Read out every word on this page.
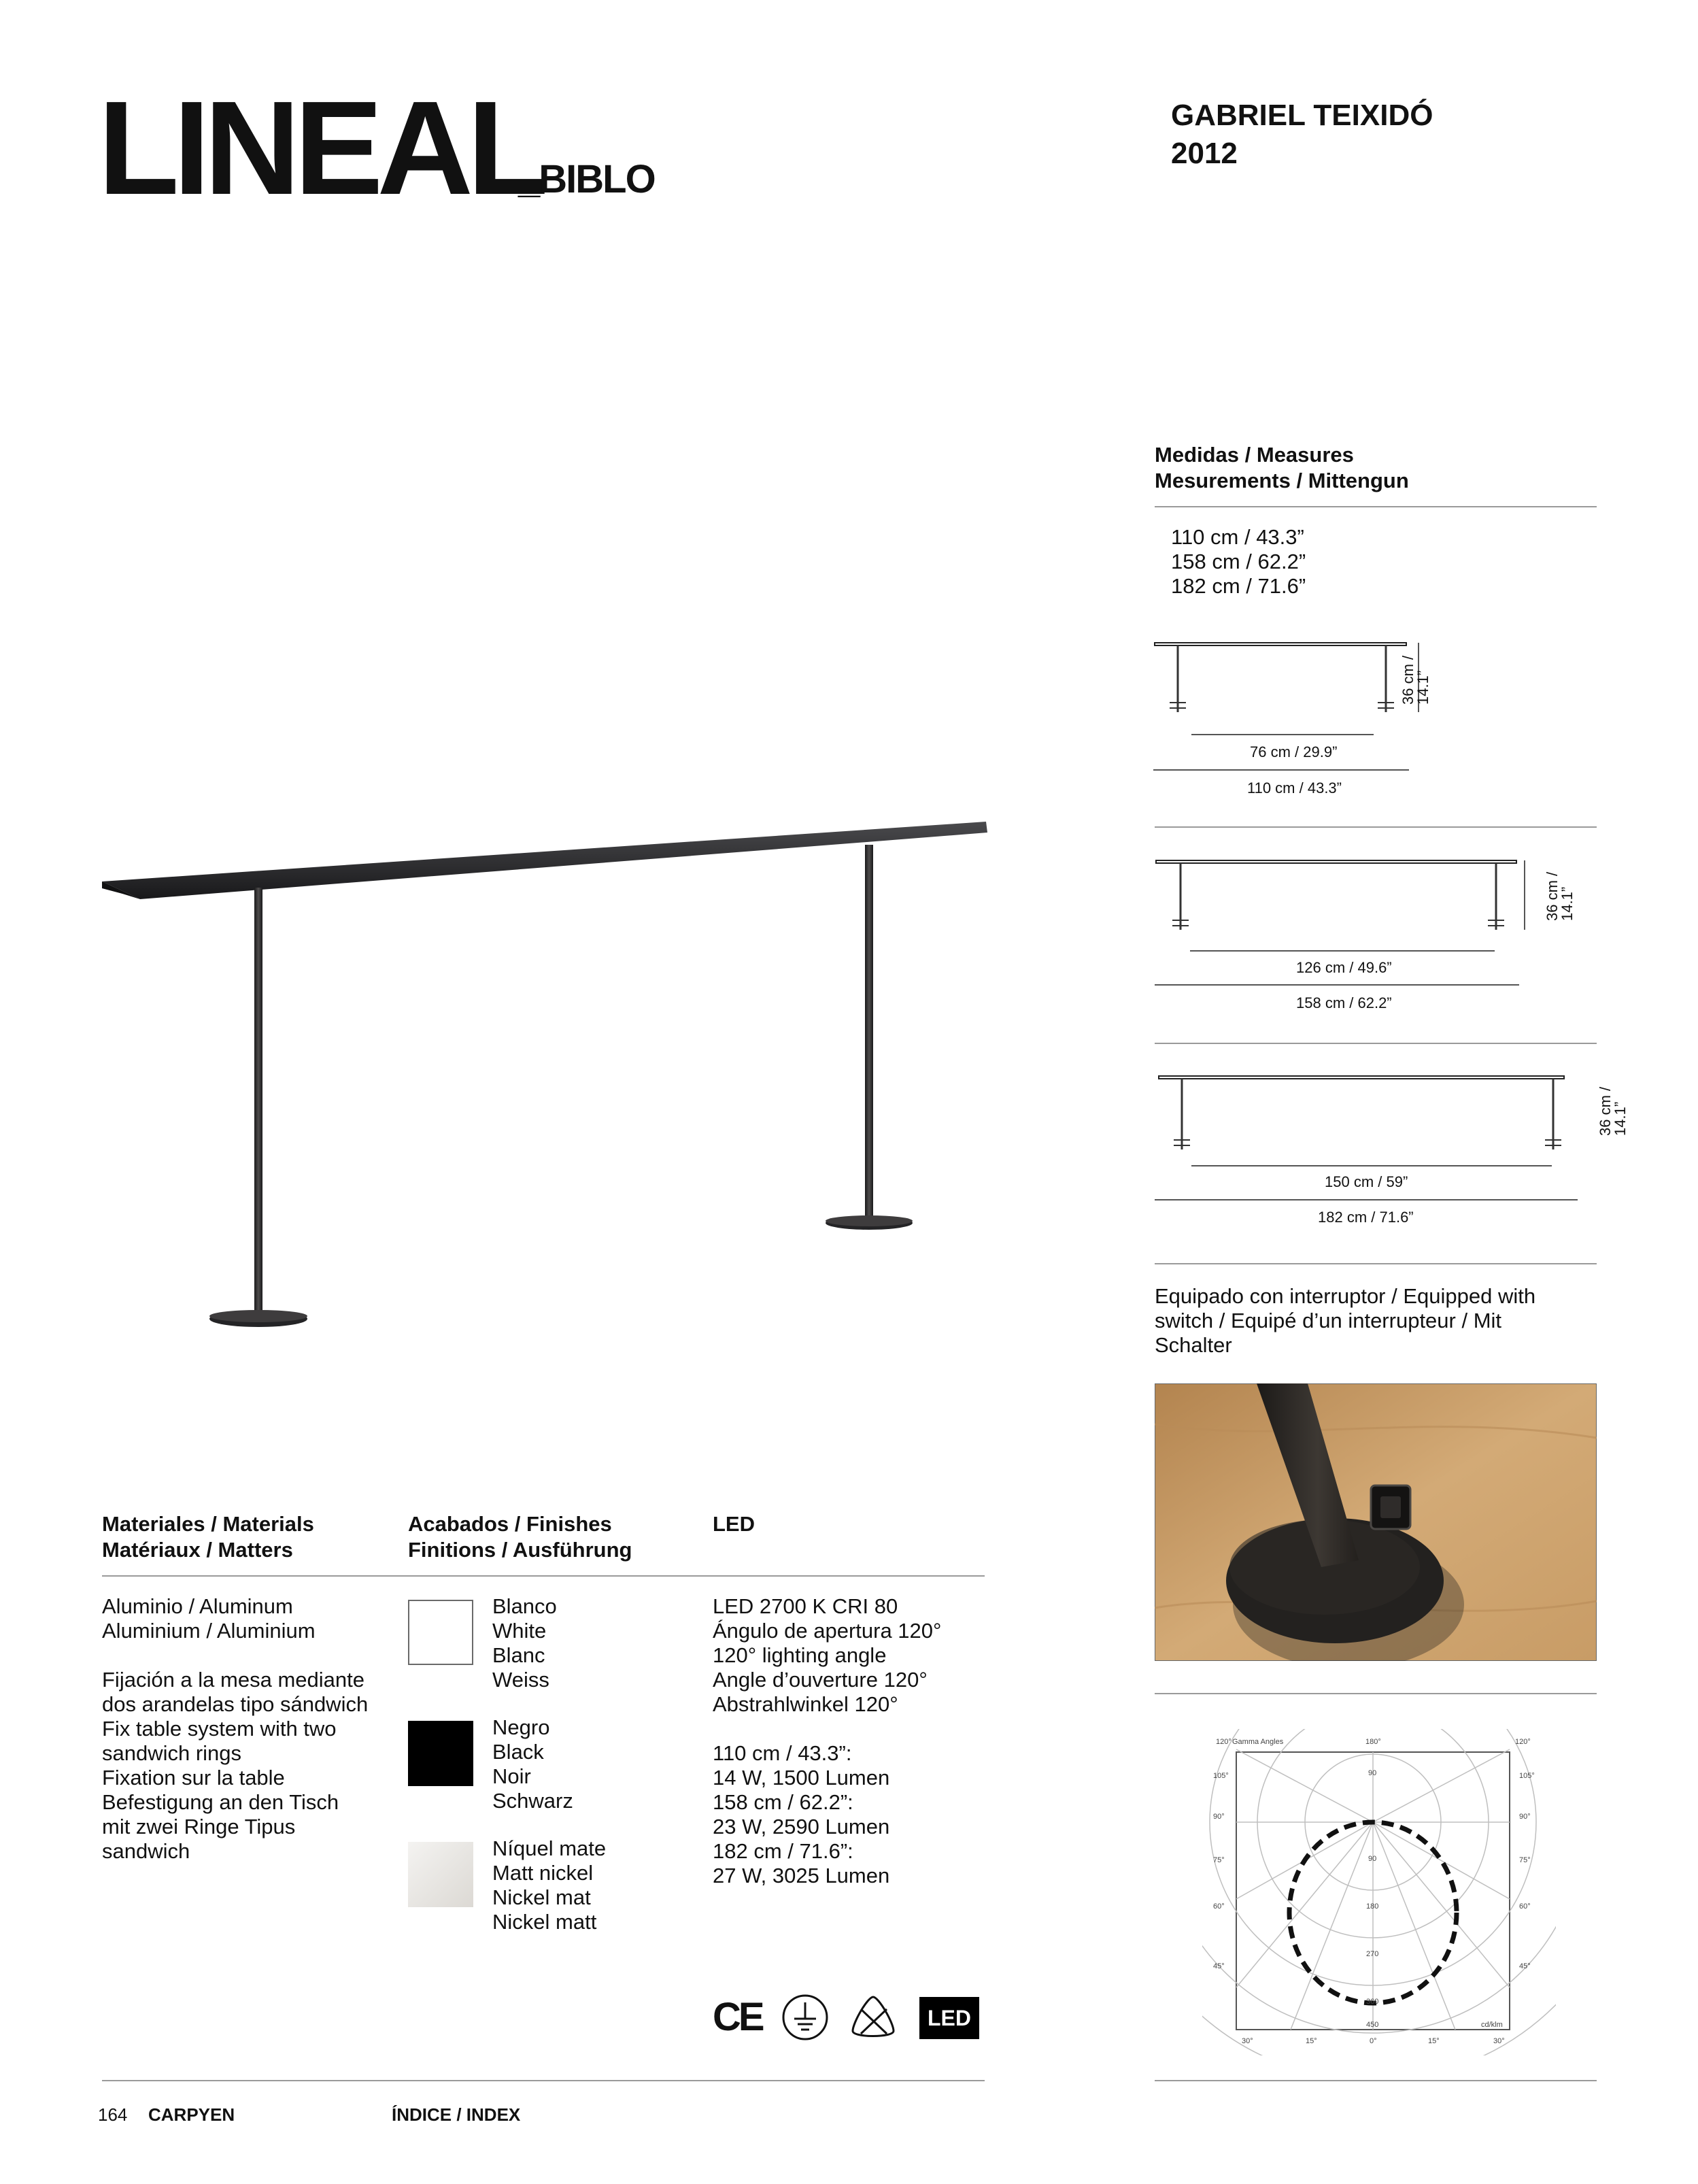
LINEAL
_BIBLO
GABRIEL TEIXIDÓ
2012
Medidas / Measures
Mesurements / Mittengun
110 cm / 43.3”
158 cm / 62.2”
182 cm / 71.6”
76 cm / 29.9”
110 cm / 43.3”
36 cm /
14.1”
126 cm / 49.6”
158 cm / 62.2”
36 cm /
14.1”
150 cm / 59”
182 cm / 71.6”
36 cm /
14.1”
Equipado con interruptor / Equipped with
switch / Equipé d’un interrupteur / Mit
Schalter
120° Gamma Angles	180°	120°
105°
90°
75°
60°
45°
105°
90°
75°
60°
45°
90
90
180
270
360
450	cd/klm
30°	15°	0°	15°	30°
Materiales / Materials
Matériaux / Matters
Acabados / Finishes
Finitions / Ausführung
LED
Aluminio / Aluminum
Aluminium / Aluminium
Fijación a la mesa mediante
dos arandelas tipo sándwich
Fix table system with two
sandwich rings
Fixation sur la table
Befestigung an den Tisch
mit zwei Ringe Tipus
sandwich
Blanco
White
Blanc
Weiss
Negro
Black
Noir
Schwarz
Níquel mate
Matt nickel
Nickel mat
Nickel matt
LED 2700 K CRI 80
Ángulo de apertura 120°
120° lighting angle
Angle d’ouverture 120°
Abstrahlwinkel 120°
110 cm / 43.3”:
14 W, 1500 Lumen
158 cm / 62.2”:
23 W, 2590 Lumen
182 cm / 71.6”:
27 W, 3025 Lumen
CE	LED
164 CARPYEN	ÍNDICE / INDEX
